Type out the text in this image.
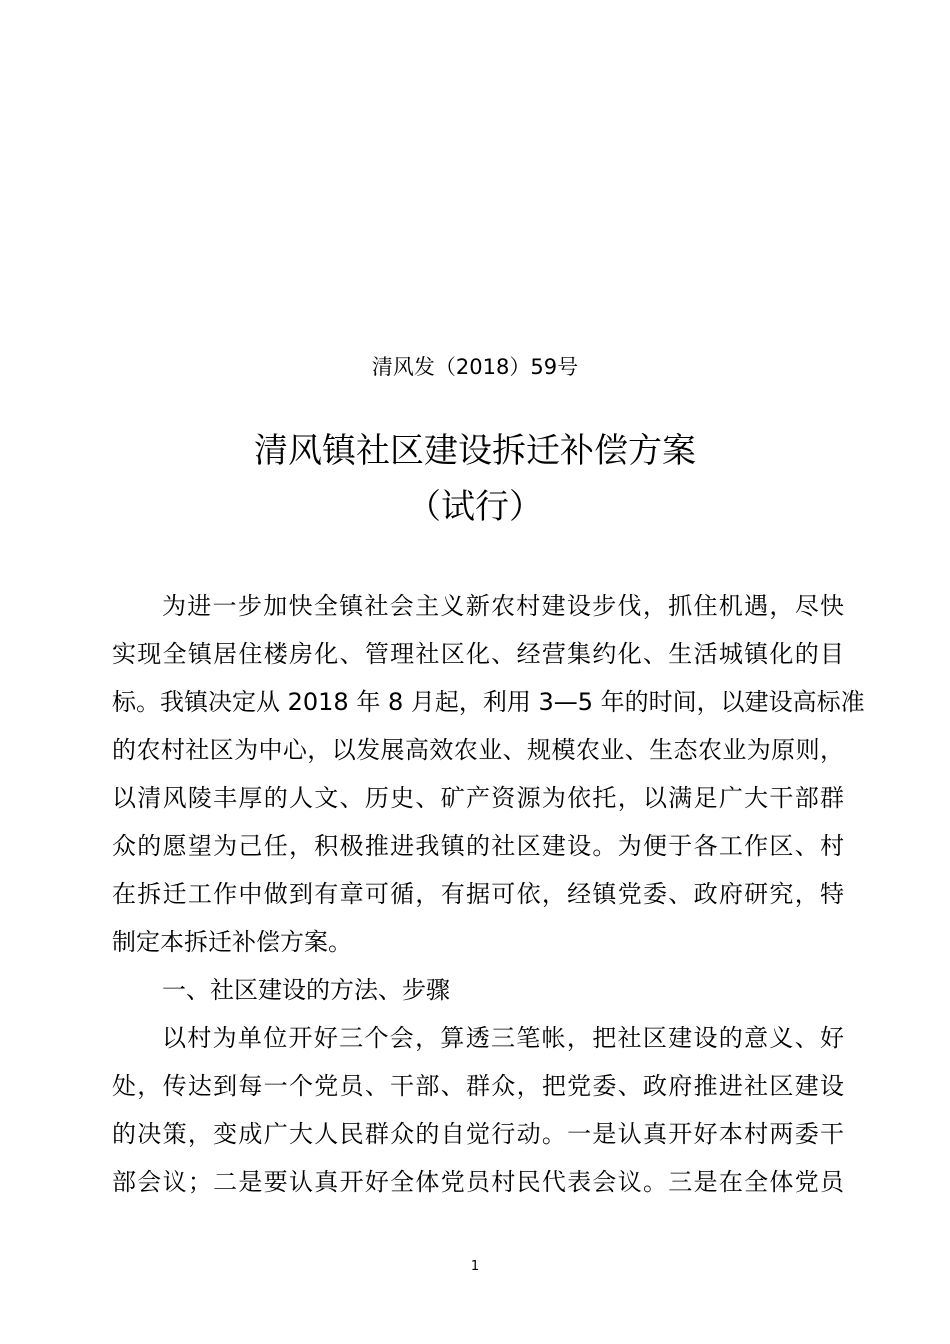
清风发（2018）59号
清风镇社区建设拆迁补偿方案
（试行）

为进一步加快全镇社会主义新农村建设步伐，抓住机遇，尽快
实现全镇居住楼房化、管理社区化、经营集约化、生活城镇化的目
标。我镇决定从 2018 年 8 月起，利用 3—5 年的时间，以建设高标准
的农村社区为中心，以发展高效农业、规模农业、生态农业为原则，
以清风陵丰厚的人文、历史、矿产资源为依托，以满足广大干部群
众的愿望为己任，积极推进我镇的社区建设。为便于各工作区、村
在拆迁工作中做到有章可循，有据可依，经镇党委、政府研究，特
制定本拆迁补偿方案。

一、社区建设的方法、步骤

以村为单位开好三个会，算透三笔帐，把社区建设的意义、好
处，传达到每一个党员、干部、群众，把党委、政府推进社区建设
的决策，变成广大人民群众的自觉行动。一是认真开好本村两委干
部会议；二是要认真开好全体党员村民代表会议。三是在全体党员

1
